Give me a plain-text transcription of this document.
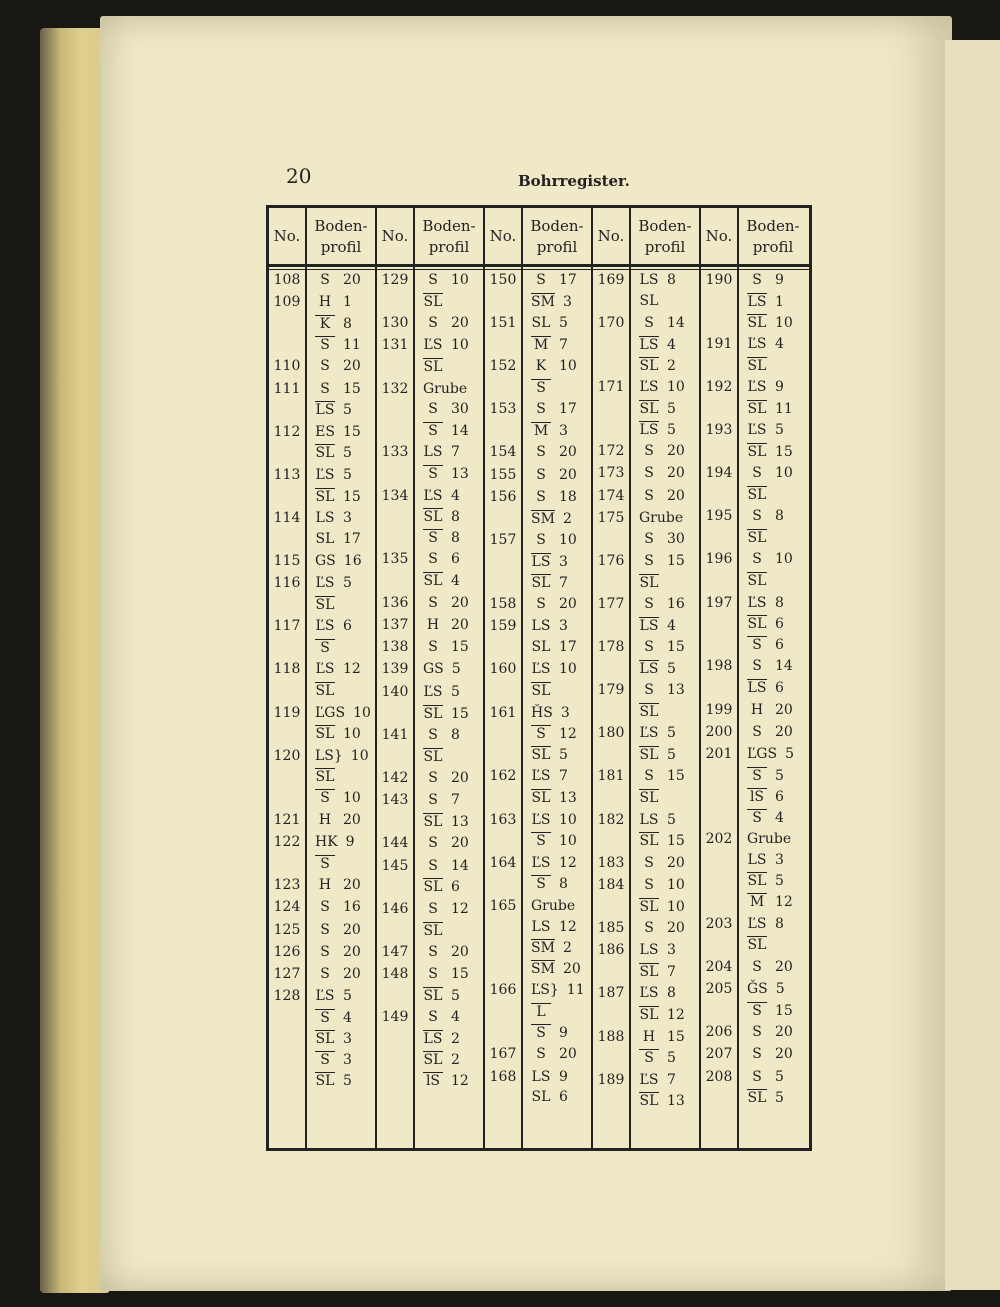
20	Bohrregister.
No.
Boden-
profil
108	S 20
109	H 1
K 8
S 11
110	S 20
111	S 15
LS 5
112	ES 15
SL 5
113	ĽS 5
SL 15
114	LS 3
SL 17
115	GS 16
116	ĽS 5
SL
117	ĽS 6
S
118	ĽS 12
SL
119	ĽGS 10
SL 10
120	LS} 10
SL
S 10
121	H 20
122	HK 9
S
123	H 20
124	S 16
125	S 20
126	S 20
127	S 20
128	ĽS 5
S 4
SL 3
S 3
SL 5
No.
Boden-
profil
129	S 10
SL
130	S 20
131	ĽS 10
SL
132	Grube
S 30
S 14
133	LS 7
S 13
134	ĽS 4
SL 8
S 8
135	S 6
SL 4
136	S 20
137	H 20
138	S 15
139	GS 5
140	ĽS 5
SL 15
141	S 8
SL
142	S 20
143	S 7
SL 13
144	S 20
145	S 14
SL 6
146	S 12
SL
147	S 20
148	S 15
SL 5
149	S 4
LS 2
SL 2
lS 12
No.
Boden-
profil
150	S 17
SM 3
151	SL 5
M 7
152	K 10
S
153	S 17
M 3
154	S 20
155	S 20
156	S 18
SM 2
157	S 10
LS 3
SL 7
158	S 20
159	LS 3
SL 17
160	ĽS 10
SL
161	ȞS 3
S 12
SL 5
162	ĽS 7
SL 13
163	ĽS 10
S 10
164	ĽS 12
S 8
165	Grube
LS 12
SM 2
SM 20
166	ĽS} 11
L
S 9
167	S 20
168	LS 9
SL 6
No.
Boden-
profil
169	LS 8
SL
170	S 14
LS 4
SL 2
171	ĽS 10
SL 5
LS 5
172	S 20
173	S 20
174	S 20
175	Grube
S 30
176	S 15
SL
177	S 16
LS 4
178	S 15
LS 5
179	S 13
SL
180	ĽS 5
SL 5
181	S 15
SL
182	LS 5
SL 15
183	S 20
184	S 10
SL 10
185	S 20
186	LS 3
SL 7
187	ĽS 8
SL 12
188	H 15
S 5
189	ĽS 7
SL 13
No.
Boden-
profil
190	S 9
LS 1
SL 10
191	ĽS 4
SL
192	ĽS 9
SL 11
193	ĽS 5
SL 15
194	S 10
SL
195	S 8
SL
196	S 10
SL
197	ĽS 8
SL 6
S 6
198	S 14
LS 6
199	H 20
200	S 20
201	ĽGS 5
S 5
lS 6
S 4
202	Grube
LS 3
SL 5
M 12
203	ĽS 8
SL
204	S 20
205	ǦS 5
S 15
206	S 20
207	S 20
208	S 5
SL 5
